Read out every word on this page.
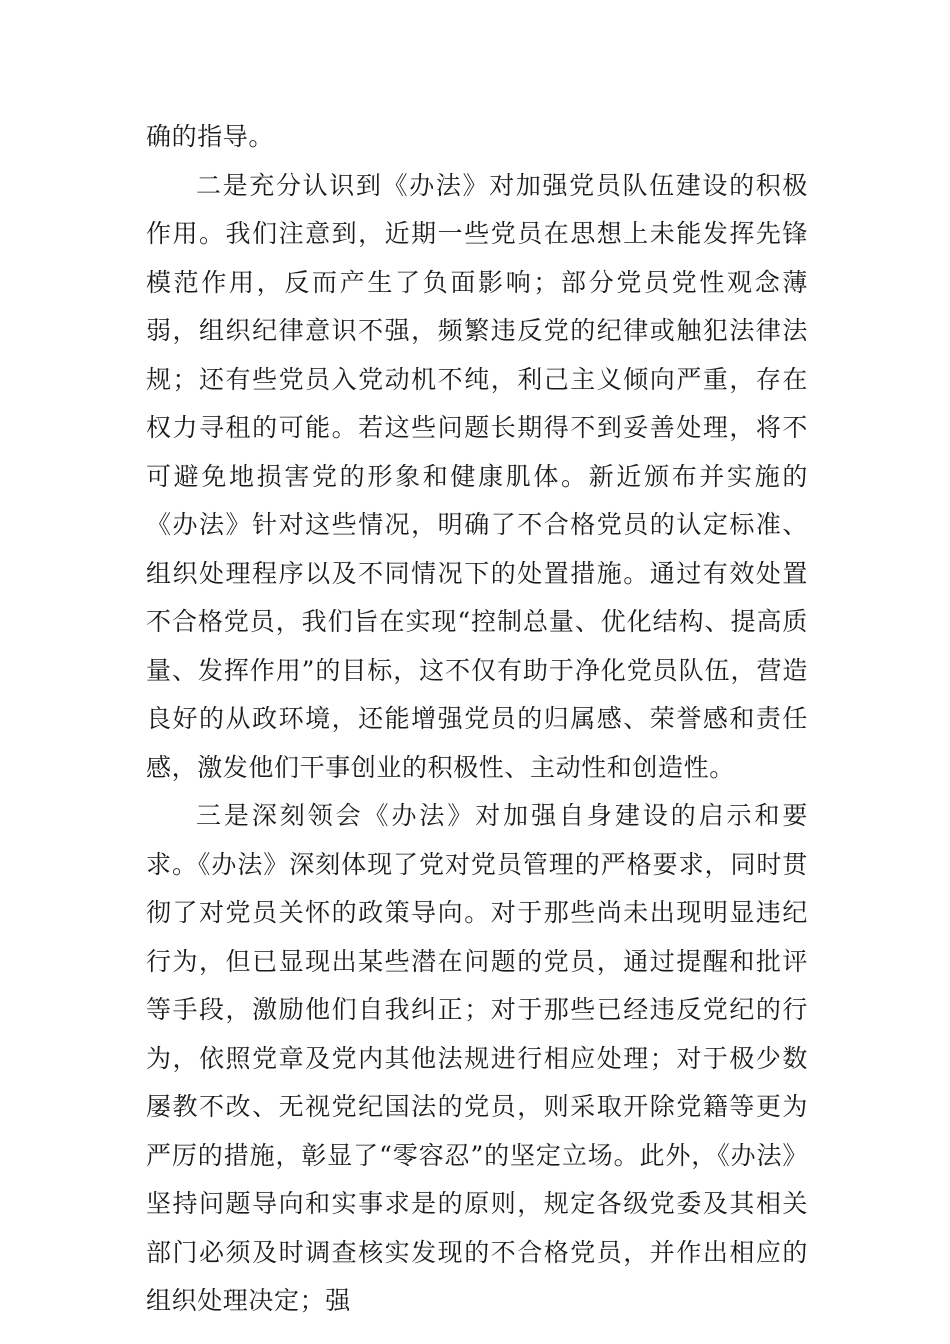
确的指导。

二是充分认识到《办法》对加强党员队伍建设的积极作用。我们注意到，近期一些党员在思想上未能发挥先锋模范作用，反而产生了负面影响；部分党员党性观念薄弱，组织纪律意识不强，频繁违反党的纪律或触犯法律法规；还有些党员入党动机不纯，利己主义倾向严重，存在权力寻租的可能。若这些问题长期得不到妥善处理，将不可避免地损害党的形象和健康肌体。新近颁布并实施的《办法》针对这些情况，明确了不合格党员的认定标准、组织处理程序以及不同情况下的处置措施。通过有效处置不合格党员，我们旨在实现“控制总量、优化结构、提高质量、发挥作用”的目标，这不仅有助于净化党员队伍，营造良好的从政环境，还能增强党员的归属感、荣誉感和责任感，激发他们干事创业的积极性、主动性和创造性。

三是深刻领会《办法》对加强自身建设的启示和要求。《办法》深刻体现了党对党员管理的严格要求，同时贯彻了对党员关怀的政策导向。对于那些尚未出现明显违纪行为，但已显现出某些潜在问题的党员，通过提醒和批评等手段，激励他们自我纠正；对于那些已经违反党纪的行为，依照党章及党内其他法规进行相应处理；对于极少数屡教不改、无视党纪国法的党员，则采取开除党籍等更为严厉的措施，彰显了“零容忍”的坚定立场。此外，《办法》坚持问题导向和实事求是的原则，规定各级党委及其相关部门必须及时调查核实发现的不合格党员，并作出相应的组织处理决定；强
